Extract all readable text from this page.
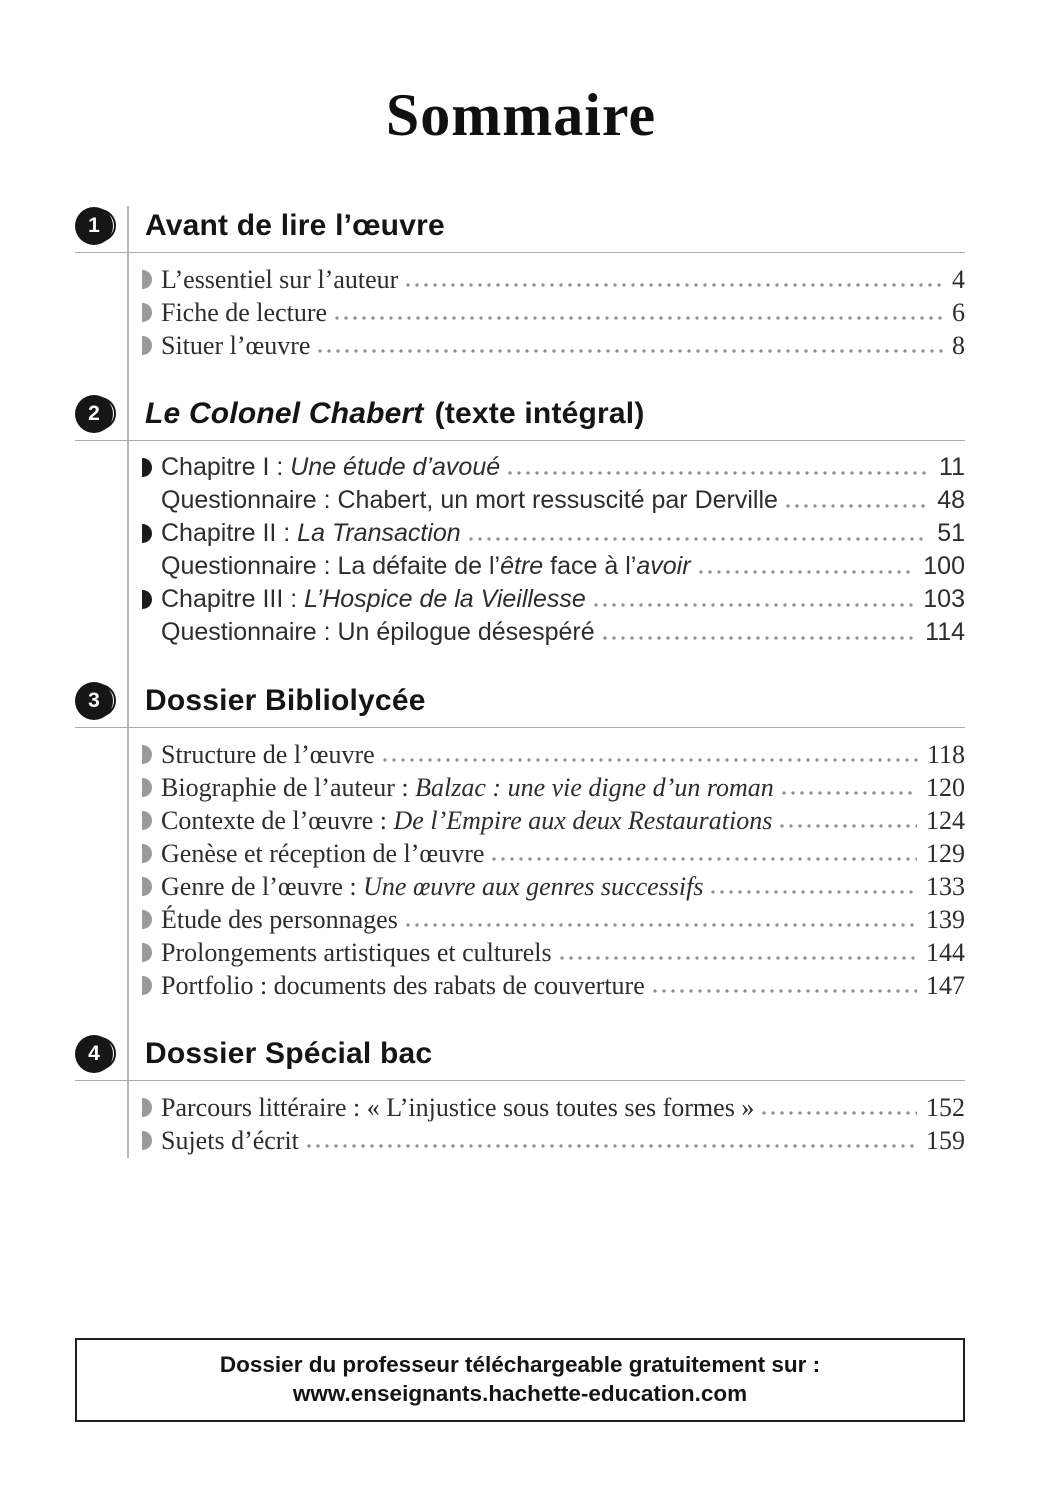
Sommaire
1	Avant de lire l’œuvre
L’essentiel sur l’auteur	4
Fiche de lecture	6
Situer l’œuvre	8
2	Le Colonel Chabert (texte intégral)
Chapitre I : Une étude d’avoué	11
Questionnaire : Chabert, un mort ressuscité par Derville	48
Chapitre II : La Transaction	51
Questionnaire : La défaite de l’ être face à l’ avoir	100
Chapitre III : L’Hospice de la Vieillesse	103
Questionnaire : Un épilogue désespéré	114
3	Dossier Bibliolycée
Structure de l’œuvre	118
Biographie de l’auteur : Balzac : une vie digne d’un roman	120
Contexte de l’œuvre : De l’Empire aux deux Restaurations	124
Genèse et réception de l’œuvre	129
Genre de l’œuvre : Une œuvre aux genres successifs	133
Étude des personnages	139
Prolongements artistiques et culturels	144
Portfolio : documents des rabats de couverture	147
4	Dossier Spécial bac
Parcours littéraire : « L’injustice sous toutes ses formes »	152
Sujets d’écrit	159
Dossier du professeur téléchargeable gratuitement sur :
www.enseignants.hachette-education.com
